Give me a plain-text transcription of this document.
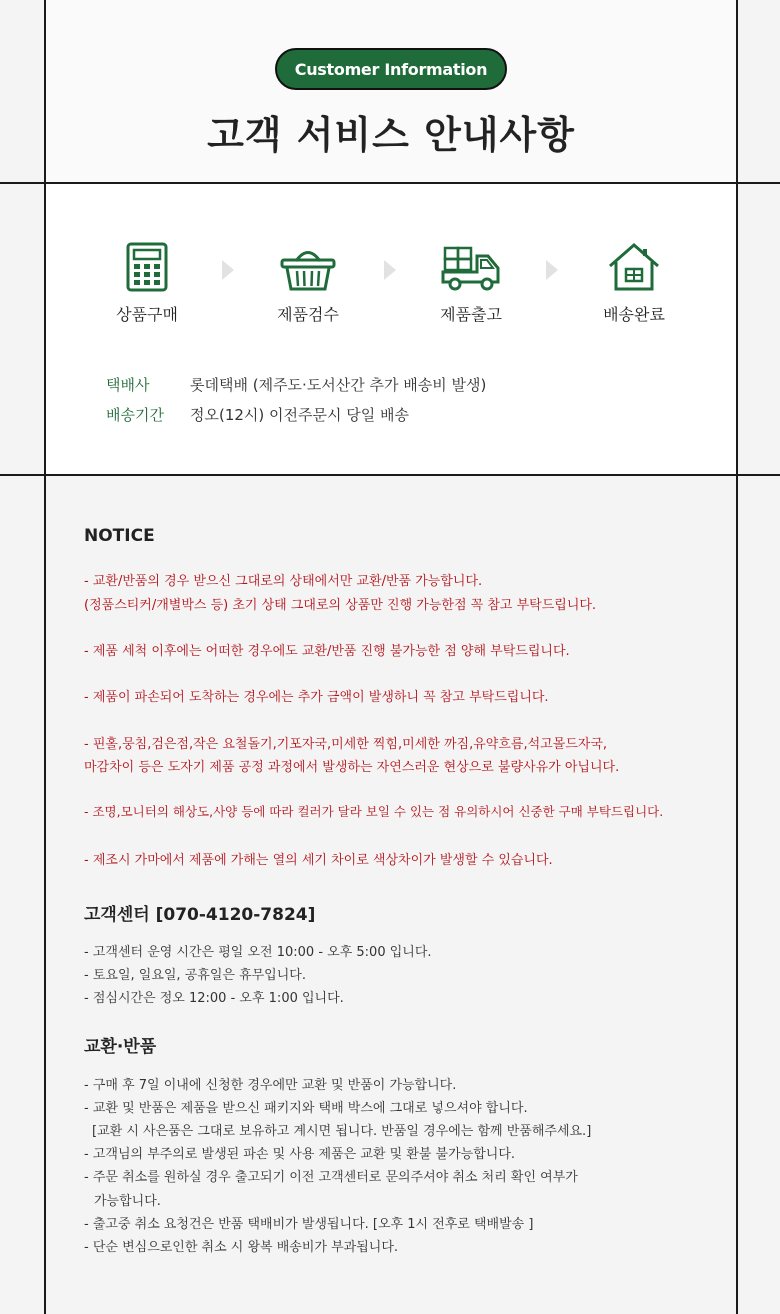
Customer Information
고객 서비스 안내사항
상품구매	제품검수	제품출고	배송완료
택배사	롯데택배 (제주도·도서산간 추가 배송비 발생)
배송기간 정오(12시) 이전주문시 당일 배송
NOTICE

- 교환/반품의 경우 받으신 그대로의 상태에서만 교환/반품 가능합니다.

(정품스티커/개별박스 등) 초기 상태 그대로의 상품만 진행 가능한점 꼭 참고 부탁드립니다.

- 제품 세척 이후에는 어떠한 경우에도 교환/반품 진행 불가능한 점 양해 부탁드립니다.

- 제품이 파손되어 도착하는 경우에는 추가 금액이 발생하니 꼭 참고 부탁드립니다.

- 핀홀,뭉침,검은점,작은 요철돌기,기포자국,미세한 찍힘,미세한 까짐,유약흐름,석고몰드자국,

마감차이 등은 도자기 제품 공정 과정에서 발생하는 자연스러운 현상으로 불량사유가 아닙니다.

- 조명,모니터의 해상도,사양 등에 따라 컬러가 달라 보일 수 있는 점 유의하시어 신중한 구매 부탁드립니다.

- 제조시 가마에서 제품에 가해는 열의 세기 차이로 색상차이가 발생할 수 있습니다.

고객센터 [070-4120-7824]

- 고객센터 운영 시간은 평일 오전 10:00 - 오후 5:00 입니다.

- 토요일, 일요일, 공휴일은 휴무입니다.

- 점심시간은 정오 12:00 - 오후 1:00 입니다.

교환·반품

- 구매 후 7일 이내에 신청한 경우에만 교환 및 반품이 가능합니다.

- 교환 및 반품은 제품을 받으신 패키지와 택배 박스에 그대로 넣으셔야 합니다.

[교환 시 사은품은 그대로 보유하고 계시면 됩니다. 반품일 경우에는 함께 반품해주세요.]

- 고객님의 부주의로 발생된 파손 및 사용 제품은 교환 및 환불 불가능합니다.

- 주문 취소를 원하실 경우 출고되기 이전 고객센터로 문의주셔야 취소 처리 확인 여부가

가능합니다.

- 출고중 취소 요청건은 반품 택배비가 발생됩니다. [오후 1시 전후로 택배발송 ]

- 단순 변심으로인한 취소 시 왕복 배송비가 부과됩니다.
